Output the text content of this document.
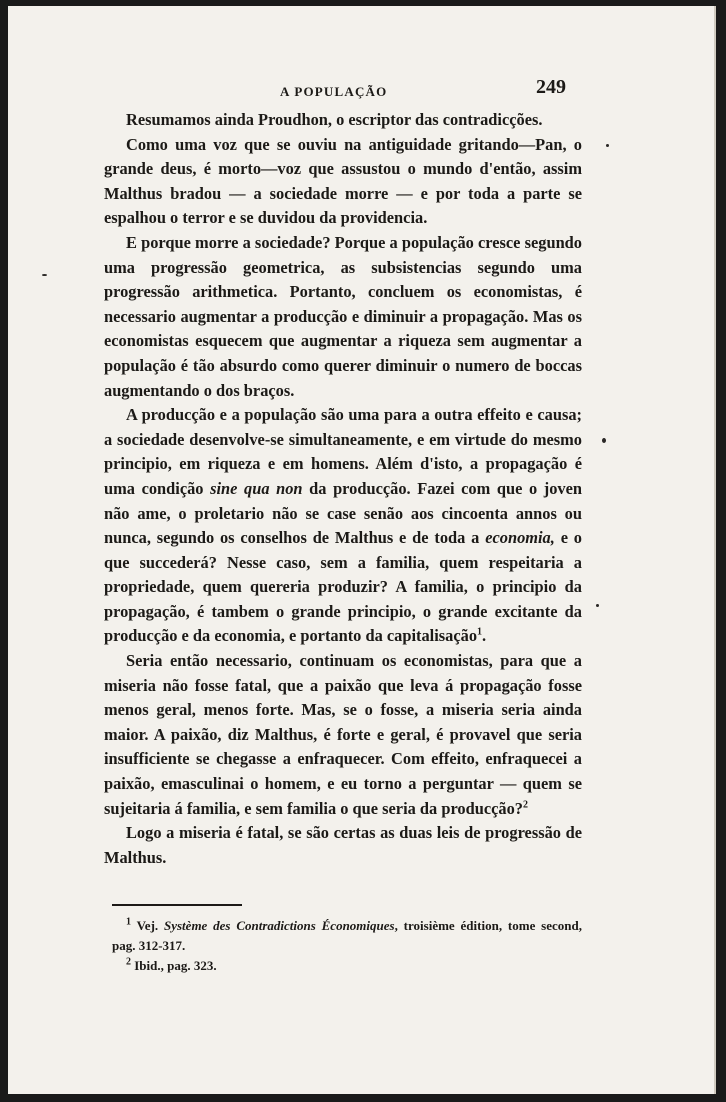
A POPULAÇÃO	249

Resumamos ainda Proudhon, o escriptor das contradicções.

Como uma voz que se ouviu na antiguidade gritando—Pan, o grande deus, é morto—voz que assustou o mundo d'então, assim Malthus bradou — a sociedade morre — e por toda a parte se espalhou o terror e se duvidou da providencia.

E porque morre a sociedade? Porque a população cresce segundo uma progressão geometrica, as subsistencias segundo uma progressão arithmetica. Portanto, concluem os economistas, é necessario augmentar a producção e diminuir a propagação. Mas os economistas esquecem que augmentar a riqueza sem augmentar a população é tão absurdo como querer diminuir o numero de boccas augmentando o dos braços.

A producção e a população são uma para a outra effeito e causa; a sociedade desenvolve-se simultaneamente, e em virtude do mesmo principio, em riqueza e em homens. Além d'isto, a propagação é uma condição sine qua non da producção. Fazei com que o joven não ame, o proletario não se case senão aos cincoenta annos ou nunca, segundo os conselhos de Malthus e de toda a economia, e o que succederá? Nesse caso, sem a familia, quem respeitaria a propriedade, quem quereria produzir? A familia, o principio da propagação, é tambem o grande principio, o grande excitante da producção e da economia, e portanto da capitalisação$^1$.

Seria então necessario, continuam os economistas, para que a miseria não fosse fatal, que a paixão que leva á propagação fosse menos geral, menos forte. Mas, se o fosse, a miseria seria ainda maior. A paixão, diz Malthus, é forte e geral, é provavel que seria insufficiente se chegasse a enfraquecer. Com effeito, enfraquecei a paixão, emasculinai o homem, e eu torno a perguntar — quem se sujeitaria á familia, e sem familia o que seria da producção?$^2$

Logo a miseria é fatal, se são certas as duas leis de progressão de Malthus.

$^1$ Vej. Système des Contradictions Économiques, troisième édition, tome second, pag. 312-317.

$^2$ Ibid., pag. 323.
